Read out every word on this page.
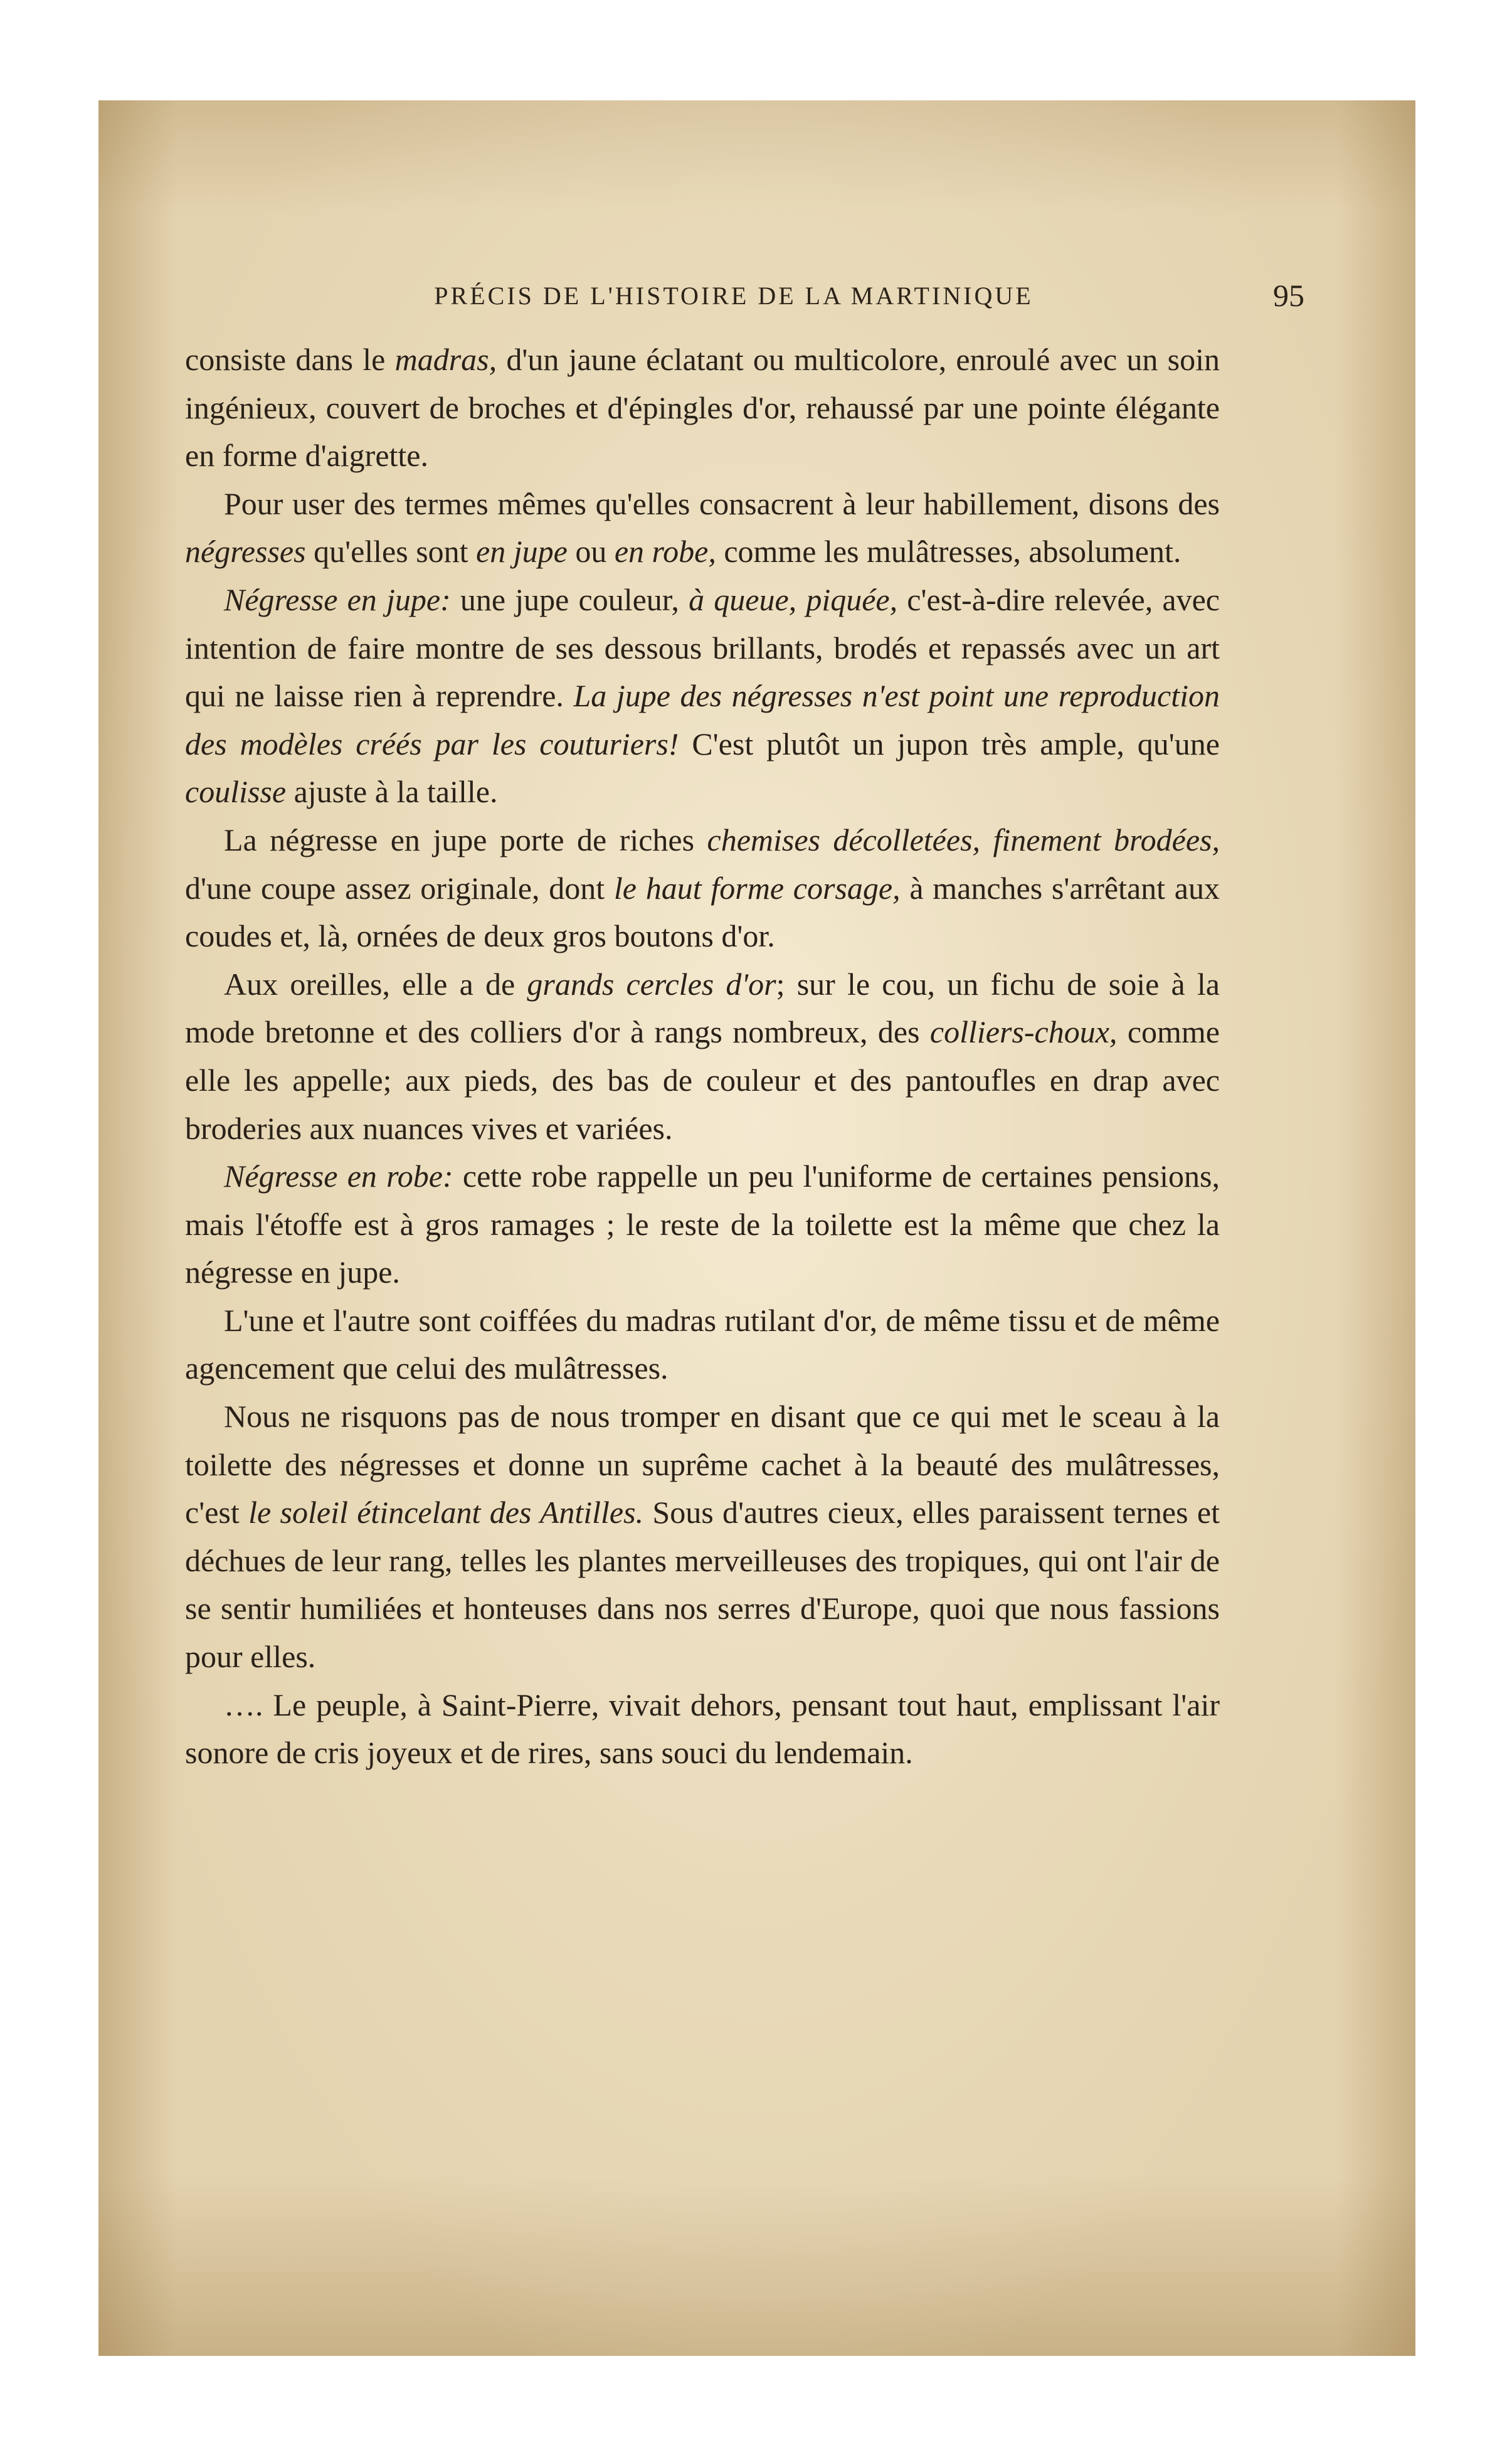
PRÉCIS DE L'HISTOIRE DE LA MARTINIQUE	95

consiste dans le madras, d'un jaune éclatant ou multicolore, enroulé avec un soin ingénieux, couvert de broches et d'épingles d'or, rehaussé par une pointe élégante en forme d'aigrette.

Pour user des termes mêmes qu'elles consacrent à leur habillement, disons des négresses qu'elles sont en jupe ou en robe, comme les mulâtresses, absolument.

Négresse en jupe: une jupe couleur, à queue, piquée, c'est-à-dire relevée, avec intention de faire montre de ses dessous brillants, brodés et repassés avec un art qui ne laisse rien à reprendre. La jupe des négresses n'est point une reproduction des modèles créés par les couturiers! C'est plutôt un jupon très ample, qu'une coulisse ajuste à la taille.

La négresse en jupe porte de riches chemises décolletées, finement brodées, d'une coupe assez originale, dont le haut forme corsage, à manches s'arrêtant aux coudes et, là, ornées de deux gros boutons d'or.

Aux oreilles, elle a de grands cercles d'or; sur le cou, un fichu de soie à la mode bretonne et des colliers d'or à rangs nombreux, des colliers-choux, comme elle les appelle; aux pieds, des bas de couleur et des pantoufles en drap avec broderies aux nuances vives et variées.

Négresse en robe: cette robe rappelle un peu l'uniforme de certaines pensions, mais l'étoffe est à gros ramages ; le reste de la toilette est la même que chez la négresse en jupe.

L'une et l'autre sont coiffées du madras rutilant d'or, de même tissu et de même agencement que celui des mulâtresses.

Nous ne risquons pas de nous tromper en disant que ce qui met le sceau à la toilette des négresses et donne un suprême cachet à la beauté des mulâtresses, c'est le soleil étincelant des Antilles. Sous d'autres cieux, elles paraissent ternes et déchues de leur rang, telles les plantes merveilleuses des tropiques, qui ont l'air de se sentir humiliées et honteuses dans nos serres d'Europe, quoi que nous fassions pour elles.

…. Le peuple, à Saint-Pierre, vivait dehors, pensant tout haut, emplissant l'air sonore de cris joyeux et de rires, sans souci du lendemain.
